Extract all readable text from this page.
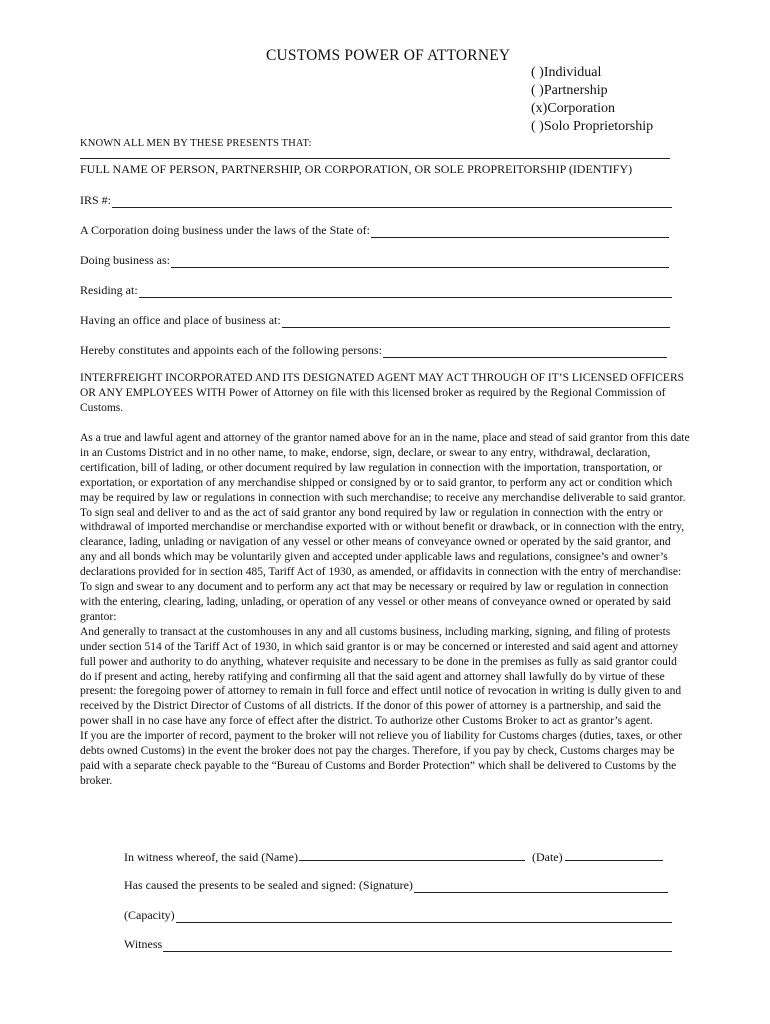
CUSTOMS POWER OF ATTORNEY
( )Individual
( )Partnership
(x)Corporation
( )Solo Proprietorship
KNOWN ALL MEN BY THESE PRESENTS THAT:
FULL NAME OF PERSON, PARTNERSHIP, OR CORPORATION, OR SOLE PROPREITORSHIP (IDENTIFY)
IRS #:
A Corporation doing business under the laws of the State of:
Doing business as:
Residing at:
Having an office and place of business at:
Hereby constitutes and appoints each of the following persons:
INTERFREIGHT INCORPORATED AND ITS DESIGNATED AGENT MAY ACT THROUGH OF IT’S LICENSED OFFICERS OR ANY EMPLOYEES WITH Power of Attorney on file with this licensed broker as required by the Regional Commission of Customs.

As a true and lawful agent and attorney of the grantor named above for an in the name, place and stead of said grantor from this date in an Customs District and in no other name, to make, endorse, sign, declare, or swear to any entry, withdrawal, declaration, certification, bill of lading, or other document required by law regulation in connection with the importation, transportation, or exportation, or exportation of any merchandise shipped or consigned by or to said grantor, to perform any act or condition which may be required by law or regulations in connection with such merchandise; to receive any merchandise deliverable to said grantor.

To sign seal and deliver to and as the act of said grantor any bond required by law or regulation in connection with the entry or withdrawal of imported merchandise or merchandise exported with or without benefit or drawback, or in connection with the entry, clearance, lading, unlading or navigation of any vessel or other means of conveyance owned or operated by the said grantor, and any and all bonds which may be voluntarily given and accepted under applicable laws and regulations, consignee’s and owner’s declarations provided for in section 485, Tariff Act of 1930, as amended, or affidavits in connection with the entry of merchandise:

To sign and swear to any document and to perform any act that may be necessary or required by law or regulation in connection with the entering, clearing, lading, unlading, or operation of any vessel or other means of conveyance owned or operated by said grantor:

And generally to transact at the customhouses in any and all customs business, including marking, signing, and filing of protests under section 514 of the Tariff Act of 1930, in which said grantor is or may be concerned or interested and said agent and attorney full power and authority to do anything, whatever requisite and necessary to be done in the premises as fully as said grantor could do if present and acting, hereby ratifying and confirming all that the said agent and attorney shall lawfully do by virtue of these present: the foregoing power of attorney to remain in full force and effect until notice of revocation in writing is dully given to and received by the District Director of Customs of all districts. If the donor of this power of attorney is a partnership, and said the power shall in no case have any force of effect after the district. To authorize other Customs Broker to act as grantor’s agent.

If you are the importer of record, payment to the broker will not relieve you of liability for Customs charges (duties, taxes, or other debts owned Customs) in the event the broker does not pay the charges. Therefore, if you pay by check, Customs charges may be paid with a separate check payable to the “Bureau of Customs and Border Protection” which shall be delivered to Customs by the broker.

In witness whereof, the said (Name)	(Date)
Has caused the presents to be sealed and signed: (Signature)
(Capacity)
Witness
